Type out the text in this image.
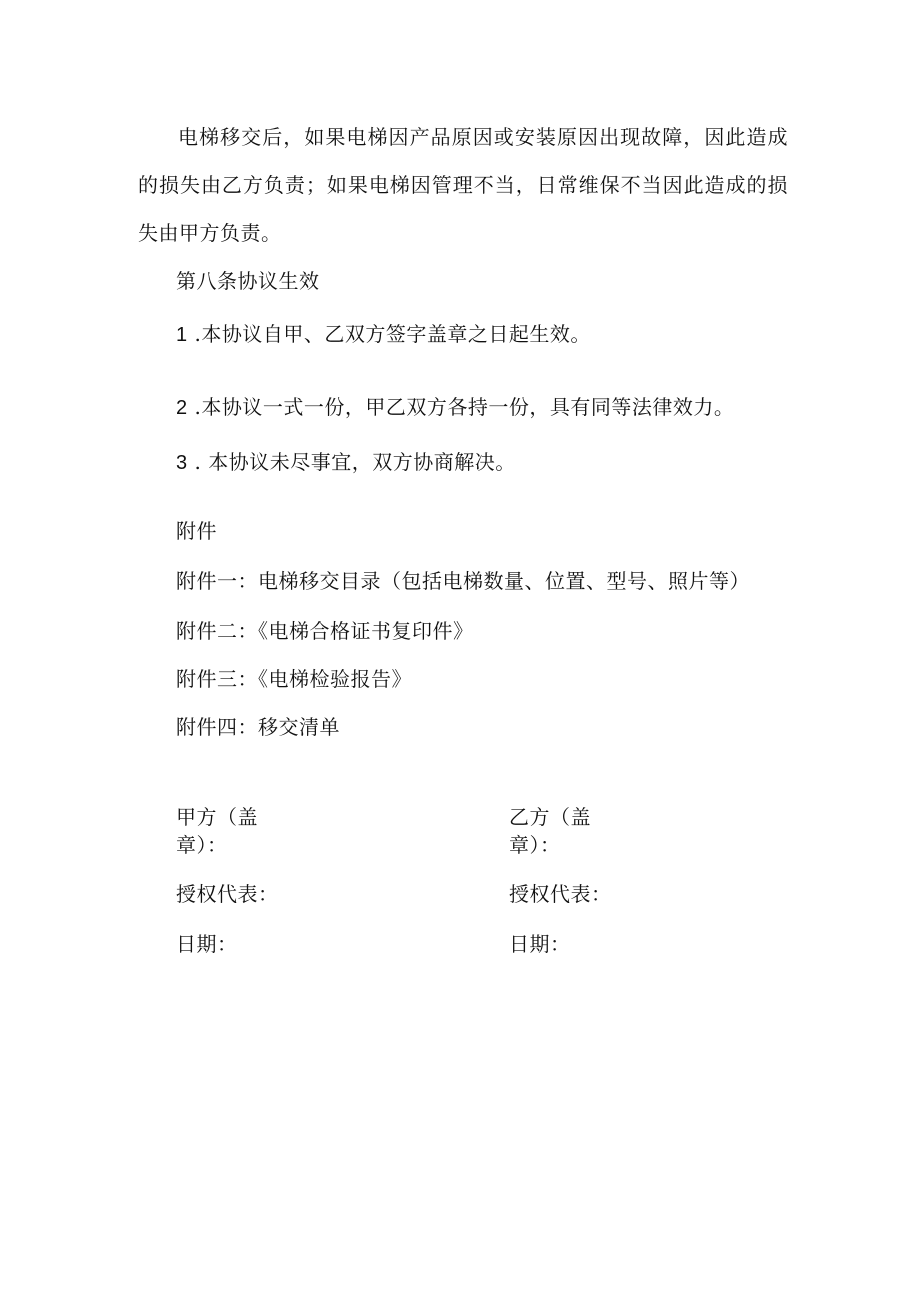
电梯移交后，如果电梯因产品原因或安装原因出现故障，因此造成的损失由乙方负责；如果电梯因管理不当，日常维保不当因此造成的损失由甲方负责。
第八条协议生效
1 .本协议自甲、乙双方签字盖章之日起生效。
2 .本协议一式一份，甲乙双方各持一份，具有同等法律效力。
3 . 本协议未尽事宜，双方协商解决。
附件
附件一：电梯移交目录（包括电梯数量、位置、型号、照片等）
附件二：《电梯合格证书复印件》
附件三：《电梯检验报告》
附件四：移交清单
甲方（盖章）：
乙方（盖章）：
授权代表：	授权代表：
日期：	日期：
